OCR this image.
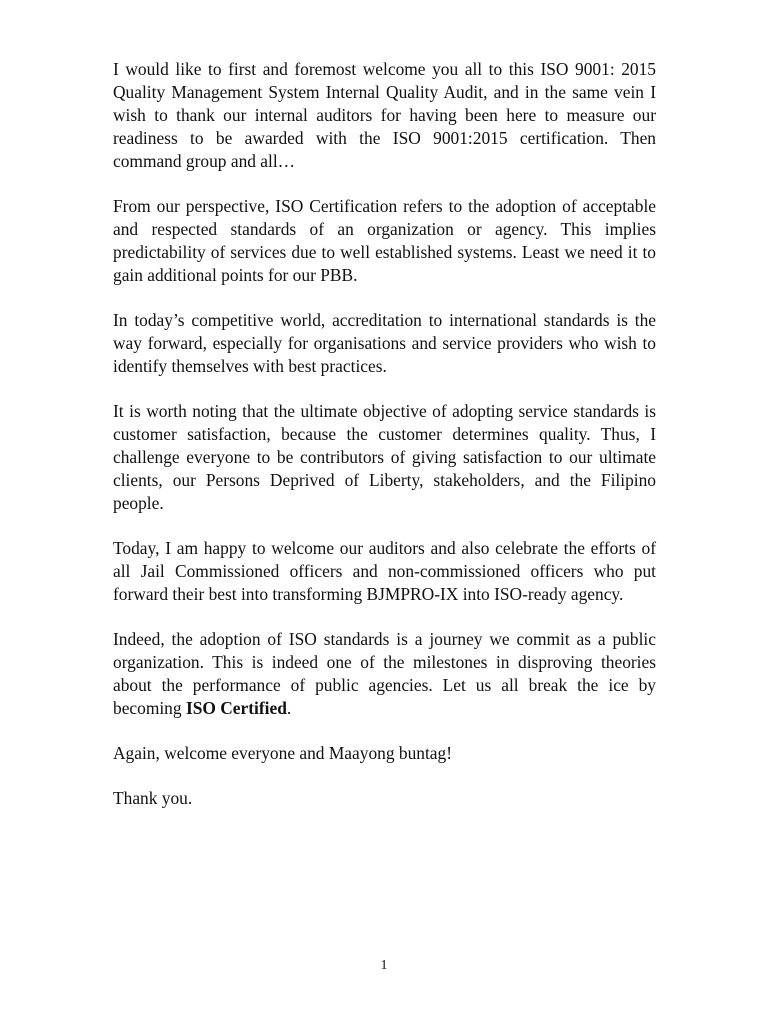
I would like to first and foremost welcome you all to this ISO 9001: 2015 Quality Management System Internal Quality Audit, and in the same vein I wish to thank our internal auditors for having been here to measure our readiness to be awarded with the ISO 9001:2015 certification. Then command group and all…

From our perspective, ISO Certification refers to the adoption of acceptable and respected standards of an organization or agency. This implies predictability of services due to well established systems. Least we need it to gain additional points for our PBB.

In today’s competitive world, accreditation to international standards is the way forward, especially for organisations and service providers who wish to identify themselves with best practices.

It is worth noting that the ultimate objective of adopting service standards is customer satisfaction, because the customer determines quality. Thus, I challenge everyone to be contributors of giving satisfaction to our ultimate clients, our Persons Deprived of Liberty, stakeholders, and the Filipino people.

Today, I am happy to welcome our auditors and also celebrate the efforts of all Jail Commissioned officers and non-commissioned officers who put forward their best into transforming BJMPRO-IX into ISO-ready agency.

Indeed, the adoption of ISO standards is a journey we commit as a public organization. This is indeed one of the milestones in disproving theories about the performance of public agencies. Let us all break the ice by becoming ISO Certified.

Again, welcome everyone and Maayong buntag!

Thank you.

1
